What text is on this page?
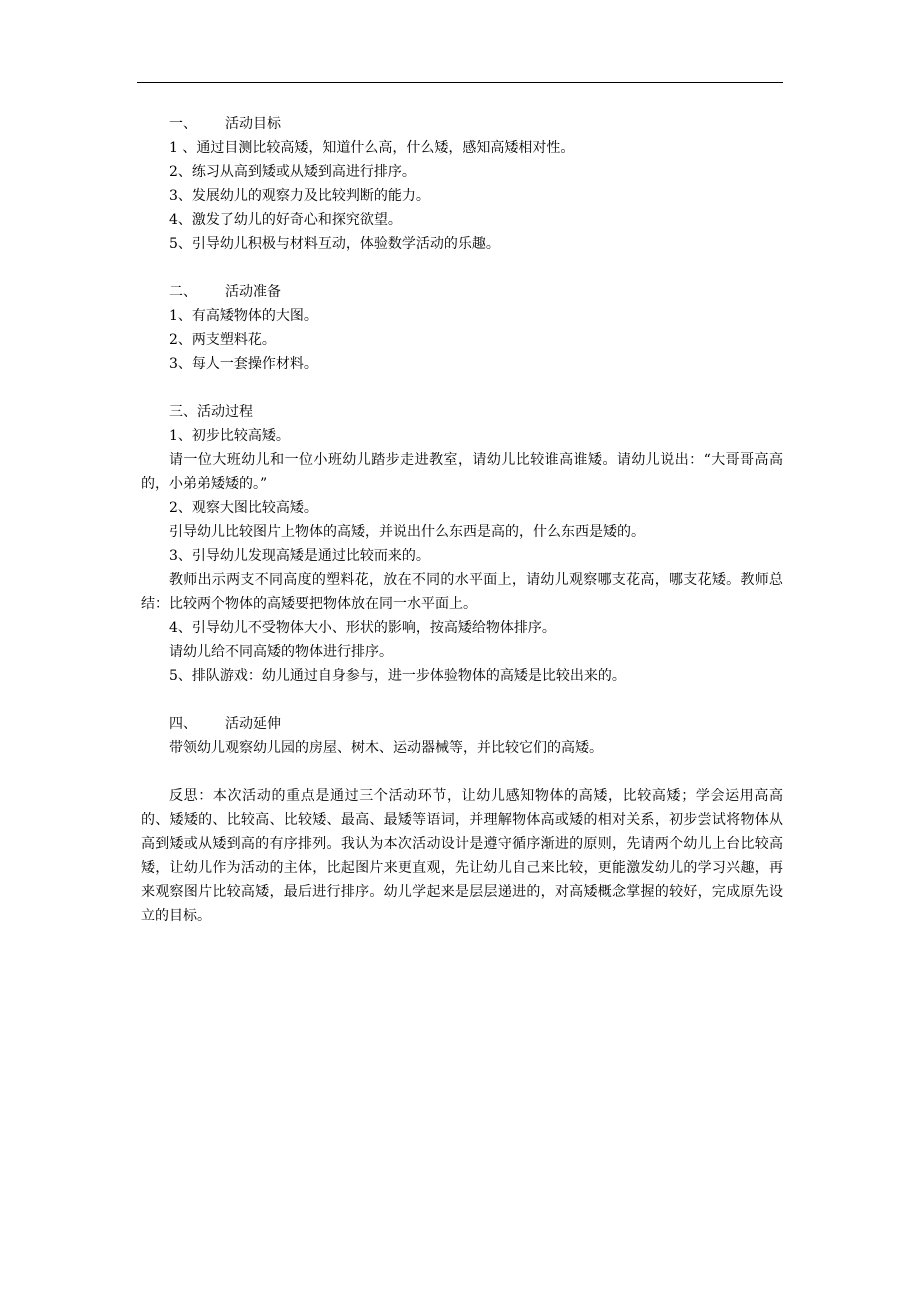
一、 活动目标

1 、通过目测比较高矮，知道什么高，什么矮，感知高矮相对性。

2、练习从高到矮或从矮到高进行排序。

3、发展幼儿的观察力及比较判断的能力。

4、激发了幼儿的好奇心和探究欲望。

5、引导幼儿积极与材料互动，体验数学活动的乐趣。

二、 活动准备

1、有高矮物体的大图。

2、两支塑料花。

3、每人一套操作材料。

三、活动过程

1、初步比较高矮。

请一位大班幼儿和一位小班幼儿踏步走进教室，请幼儿比较谁高谁矮。请幼儿说出：“大哥哥高高的，小弟弟矮矮的。”

2、观察大图比较高矮。

引导幼儿比较图片上物体的高矮，并说出什么东西是高的，什么东西是矮的。

3、引导幼儿发现高矮是通过比较而来的。

教师出示两支不同高度的塑料花，放在不同的水平面上，请幼儿观察哪支花高，哪支花矮。教师总结：比较两个物体的高矮要把物体放在同一水平面上。

4、引导幼儿不受物体大小、形状的影响，按高矮给物体排序。

请幼儿给不同高矮的物体进行排序。

5、排队游戏：幼儿通过自身参与，进一步体验物体的高矮是比较出来的。

四、 活动延伸

带领幼儿观察幼儿园的房屋、树木、运动器械等，并比较它们的高矮。

反思：本次活动的重点是通过三个活动环节，让幼儿感知物体的高矮，比较高矮；学会运用高高的、矮矮的、比较高、比较矮、最高、最矮等语词，并理解物体高或矮的相对关系，初步尝试将物体从高到矮或从矮到高的有序排列。我认为本次活动设计是遵守循序渐进的原则，先请两个幼儿上台比较高矮，让幼儿作为活动的主体，比起图片来更直观，先让幼儿自己来比较，更能激发幼儿的学习兴趣，再来观察图片比较高矮，最后进行排序。幼儿学起来是层层递进的，对高矮概念掌握的较好，完成原先设立的目标。
